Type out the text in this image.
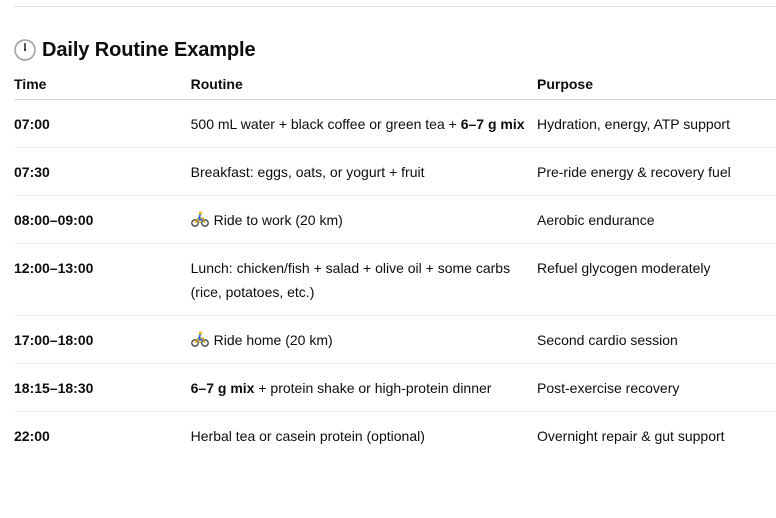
Daily Routine Example
Time	Routine	Purpose
07:00	500 mL water + black coffee or green tea + 6–7 g mix	Hydration, energy, ATP support
07:30	Breakfast: eggs, oats, or yogurt + fruit	Pre-ride energy & recovery fuel
08:00–09:00	Ride to work (20 km)	Aerobic endurance
12:00–13:00	Lunch: chicken/fish + salad + olive oil + some carbs (rice, potatoes, etc.)	Refuel glycogen moderately
17:00–18:00	Ride home (20 km)	Second cardio session
18:15–18:30	6–7 g mix + protein shake or high-protein dinner	Post-exercise recovery
22:00	Herbal tea or casein protein (optional)	Overnight repair & gut support
